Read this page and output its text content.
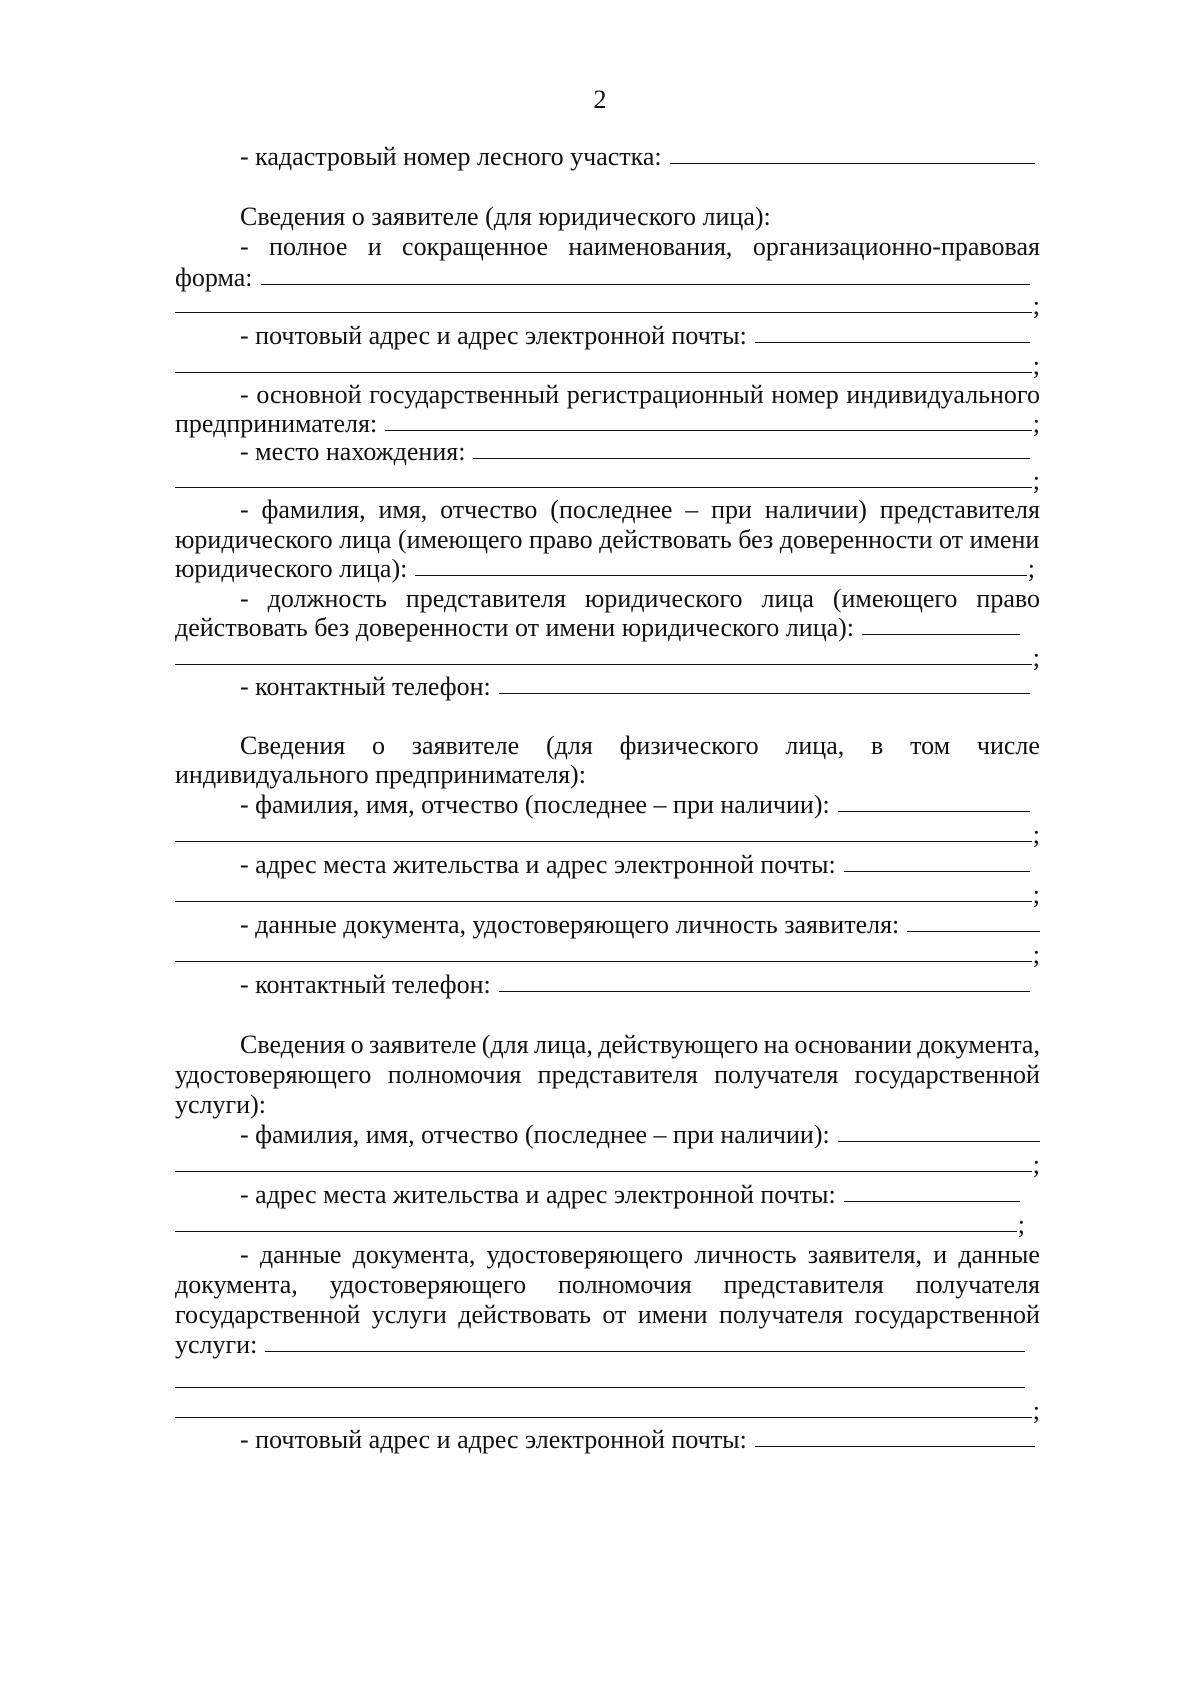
2
- кадастровый номер лесного участка:
Сведения о заявителе (для юридического лица):
- полное и сокращенное наименования, организационно-правовая
форма:
;
- почтовый адрес и адрес электронной почты:
;
- основной государственный регистрационный номер индивидуального
предпринимателя:	;
- место нахождения:
;
- фамилия, имя, отчество (последнее – при наличии) представителя
юридического лица (имеющего право действовать без доверенности от имени
юридического лица):	;
- должность представителя юридического лица (имеющего право
действовать без доверенности от имени юридического лица):
;
- контактный телефон:
Сведения о заявителе (для физического лица, в том числе
индивидуального предпринимателя):
- фамилия, имя, отчество (последнее – при наличии):
;
- адрес места жительства и адрес электронной почты:
;
- данные документа, удостоверяющего личность заявителя:
;
- контактный телефон:
Сведения о заявителе (для лица, действующего на основании документа,
удостоверяющего полномочия представителя получателя государственной
услуги):
- фамилия, имя, отчество (последнее – при наличии):
;
- адрес места жительства и адрес электронной почты:
;
- данные документа, удостоверяющего личность заявителя, и данные
документа, удостоверяющего полномочия представителя получателя
государственной услуги действовать от имени получателя государственной
услуги:
;
- почтовый адрес и адрес электронной почты:
